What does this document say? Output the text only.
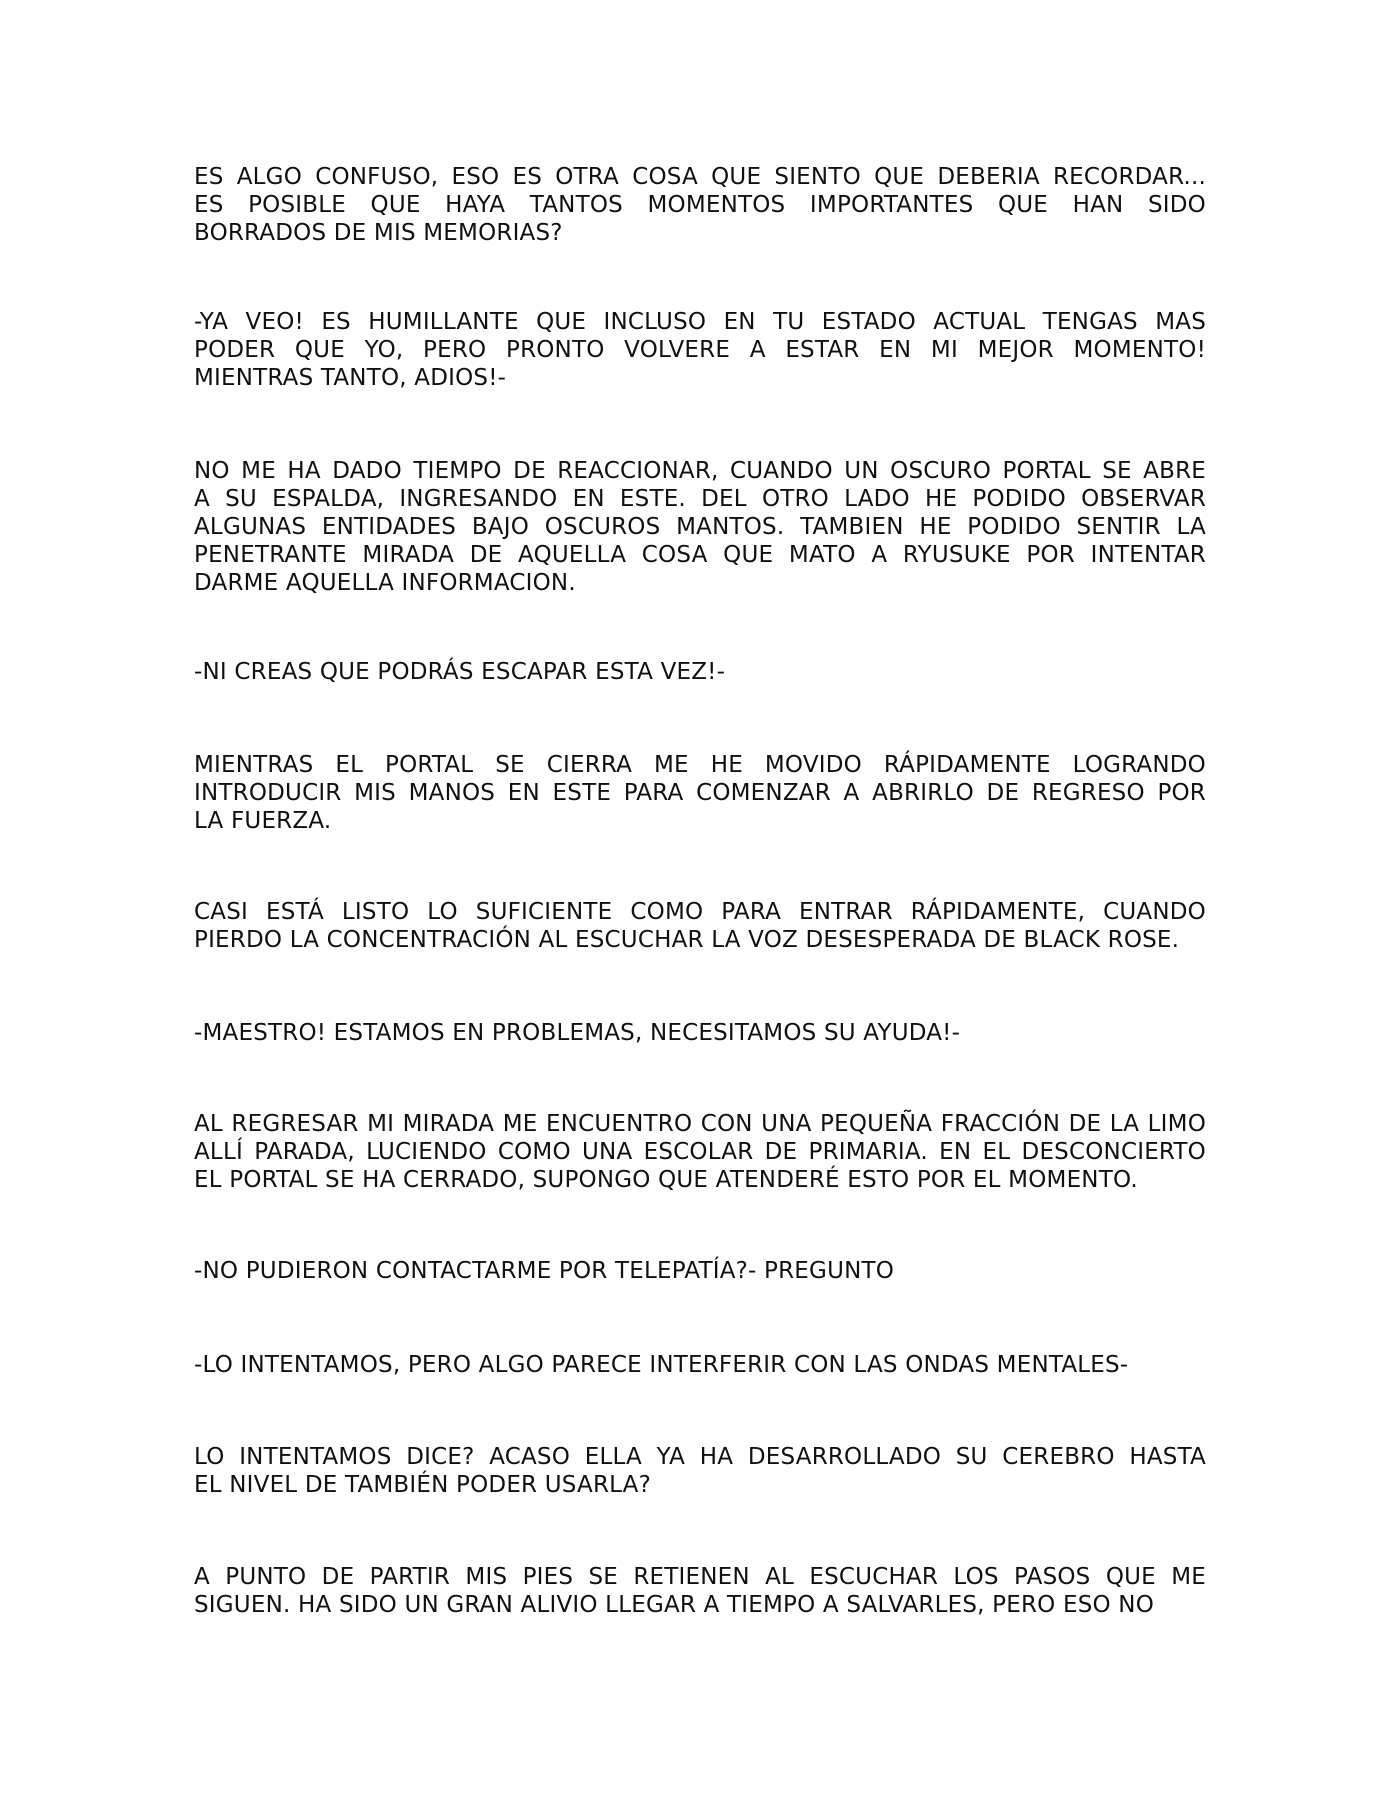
ES ALGO CONFUSO, ESO ES OTRA COSA QUE SIENTO QUE DEBERIA RECORDAR...
ES POSIBLE QUE HAYA TANTOS MOMENTOS IMPORTANTES QUE HAN SIDO
BORRADOS DE MIS MEMORIAS?

-YA VEO! ES HUMILLANTE QUE INCLUSO EN TU ESTADO ACTUAL TENGAS MAS
PODER QUE YO, PERO PRONTO VOLVERE A ESTAR EN MI MEJOR MOMENTO!
MIENTRAS TANTO, ADIOS!-

NO ME HA DADO TIEMPO DE REACCIONAR, CUANDO UN OSCURO PORTAL SE ABRE
A SU ESPALDA, INGRESANDO EN ESTE. DEL OTRO LADO HE PODIDO OBSERVAR
ALGUNAS ENTIDADES BAJO OSCUROS MANTOS. TAMBIEN HE PODIDO SENTIR LA
PENETRANTE MIRADA DE AQUELLA COSA QUE MATO A RYUSUKE POR INTENTAR
DARME AQUELLA INFORMACION.

-NI CREAS QUE PODRÁS ESCAPAR ESTA VEZ!-

MIENTRAS EL PORTAL SE CIERRA ME HE MOVIDO RÁPIDAMENTE LOGRANDO
INTRODUCIR MIS MANOS EN ESTE PARA COMENZAR A ABRIRLO DE REGRESO POR
LA FUERZA.

CASI ESTÁ LISTO LO SUFICIENTE COMO PARA ENTRAR RÁPIDAMENTE, CUANDO
PIERDO LA CONCENTRACIÓN AL ESCUCHAR LA VOZ DESESPERADA DE BLACK ROSE.

-MAESTRO! ESTAMOS EN PROBLEMAS, NECESITAMOS SU AYUDA!-

AL REGRESAR MI MIRADA ME ENCUENTRO CON UNA PEQUEÑA FRACCIÓN DE LA LIMO
ALLÍ PARADA, LUCIENDO COMO UNA ESCOLAR DE PRIMARIA. EN EL DESCONCIERTO
EL PORTAL SE HA CERRADO, SUPONGO QUE ATENDERÉ ESTO POR EL MOMENTO.

-NO PUDIERON CONTACTARME POR TELEPATÍA?- PREGUNTO

-LO INTENTAMOS, PERO ALGO PARECE INTERFERIR CON LAS ONDAS MENTALES-

LO INTENTAMOS DICE? ACASO ELLA YA HA DESARROLLADO SU CEREBRO HASTA
EL NIVEL DE TAMBIÉN PODER USARLA?

A PUNTO DE PARTIR MIS PIES SE RETIENEN AL ESCUCHAR LOS PASOS QUE ME
SIGUEN. HA SIDO UN GRAN ALIVIO LLEGAR A TIEMPO A SALVARLES, PERO ESO NO
